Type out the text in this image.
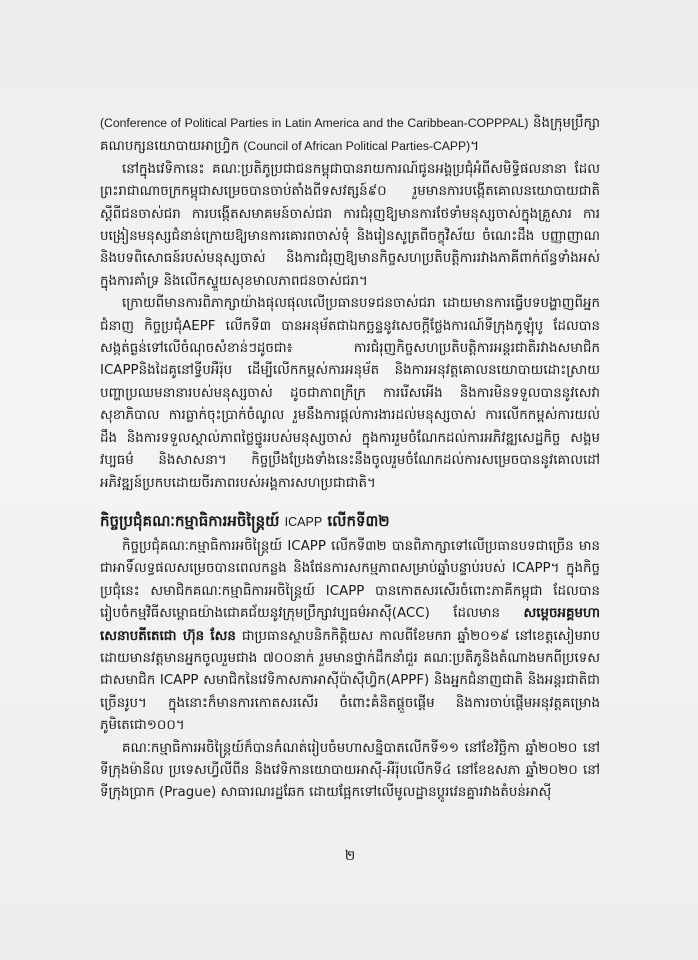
(Conference of Political Parties in Latin America and the Caribbean-COPPPAL) និងក្រុមប្រឹក្សាគណបក្សនយោបាយអាហ្វ្រិក (Council of African Political Parties-CAPP)។

នៅក្នុងវេទិកានេះ គណៈប្រតិភូប្រជាជនកម្ពុជាបានរាយការណ៍ជូនអង្គប្រជុំអំពីសមិទ្ធិផលនានា ដែលព្រះរាជាណាចក្រកម្ពុជាសម្រេចបានចាប់តាំងពីទសវត្សន៍៩០ រួមមានការបង្កើតគោលនយោបាយជាតិ ស្តីពីជនចាស់ជរា ការបង្កើតសមាគមន៍ចាស់ជរា ការជំរុញឱ្យមានការថែទាំមនុស្សចាស់ក្នុងគ្រួសារ ការបង្រៀនមនុស្សជំនាន់ក្រោយឱ្យមានការគោរពចាស់ទុំ និងរៀនសូត្រពីចក្ខុវិស័យ ចំណេះដឹង បញ្ញាញាណ និងបទពិសោធន៍របស់មនុស្សចាស់ និងការជំរុញឱ្យមានកិច្ចសហប្រតិបត្តិការរវាងភាគីពាក់ព័ន្ធទាំងអស់ក្នុងការគាំទ្រ និងលើកស្ទួយសុខមាលភាពជនចាស់ជរា។

ក្រោយពីមានការពិភាក្សាយ៉ាងផុលផុលលើប្រធានបទជនចាស់ជរា ដោយមានការធ្វើបទបង្ហាញពីអ្នកជំនាញ កិច្ចប្រជុំAEPF លើកទី៣ បានអនុម័តជាឯកច្ឆន្ទនូវសេចក្តីថ្លែងការណ៍ទីក្រុងកូឡុំបូ ដែលបានសង្កត់ធ្ងន់ទៅលើចំណុចសំខាន់ៗដូចជា៖ ការជំរុញកិច្ចសហប្រតិបត្តិការអន្តរជាតិរវាងសមាជិក ICAPPនិងដៃគូនៅទ្វីបអឺរ៉ុប ដើម្បីលើកកម្ពស់ការអនុម័ត និងការអនុវត្តគោលនយោបាយដោះស្រាយបញ្ហាប្រឈមនានារបស់មនុស្សចាស់ ដូចជាភាពក្រីក្រ ការរើសអើង និងការមិនទទួលបាននូវសេវាសុខាភិបាល ការធ្លាក់ចុះប្រាក់ចំណូល រួមនឹងការផ្តល់ការងារដល់មនុស្សចាស់ ការលើកកម្ពស់ការយល់ដឹង និងការទទួលស្គាល់ភាពថ្លៃថ្នូររបស់មនុស្សចាស់ ក្នុងការរួមចំណែកដល់ការអភិវឌ្ឍសេដ្ឋកិច្ច សង្គម វប្បធម៌ និងសាសនា។ កិច្ចប្រឹងប្រែងទាំងនេះនឹងចូលរួមចំណែកដល់ការសម្រេចបាននូវគោលដៅអភិវឌ្ឍន៍ប្រកបដោយចីរភាពរបស់អង្គការសហប្រជាជាតិ។

កិច្ចប្រជុំគណៈកម្មាធិការអចិន្ត្រៃយ៍ ICAPP លើកទី៣២

កិច្ចប្រជុំគណៈកម្មាធិការអចិន្ត្រៃយ៍ ICAPP លើកទី៣២ បានពិភាក្សាទៅលើប្រធានបទជាច្រើន មានជាអាទិ៍លទ្ធផលសម្រេចបានពេលកន្លង និងផែនការសកម្មភាពសម្រាប់ឆ្នាំបន្ទាប់របស់ ICAPP។ ក្នុងកិច្ចប្រជុំនេះ សមាជិកគណៈកម្មាធិការអចិន្ត្រៃយ៍ ICAPP បានកោតសរសើរចំពោះភាគីកម្ពុជា ដែលបានរៀបចំកម្មវិធីសម្ពោធយ៉ាងជោគជ័យនូវក្រុមប្រឹក្សាវប្បធម៌អាស៊ី(ACC) ដែលមាន សម្តេចអគ្គមហាសេនាបតីតេជោ ហ៊ុន សែន ជាប្រធានស្ថាបនិកកិត្តិយស កាលពីខែមករា ឆ្នាំ២០១៩ នៅខេត្តសៀមរាប ដោយមានវត្តមានអ្នកចូលរួមជាង ៧០០នាក់ រួមមានថ្នាក់ដឹកនាំជួរ គណៈប្រតិភូនិងតំណាងមកពីប្រទេសជាសមាជិក ICAPP សមាជិកនៃវេទិកាសភាអាស៊ីប៉ាស៊ីហ្វិក(APPF) និងអ្នកជំនាញជាតិ និងអន្តរជាតិជាច្រើនរូប។ ក្នុងនោះក៏មានការកោតសរសើរ ចំពោះគំនិតផ្តួចផ្តើម និងការចាប់ផ្តើមអនុវត្តគម្រោងភូមិតេជោ១០០។

គណៈកម្មាធិការអចិន្ត្រៃយ៍ក៏បានកំណត់រៀបចំមហាសន្និបាតលើកទី១១ នៅខែវិច្ឆិកា ឆ្នាំ២០២០ នៅទីក្រុងម៉ានីល ប្រទេសហ្វីលីពីន និងវេទិកានយោបាយអាស៊ី-អឺរ៉ុបលើកទី៤ នៅខែឧសភា ឆ្នាំ២០២០ នៅទីក្រុងប្រាក (Prague) សាធារណរដ្ឋឆែក ដោយផ្អែកទៅលើមូលដ្ឋានប្តូរវេនគ្នារវាងតំបន់អាស៊ី

២
